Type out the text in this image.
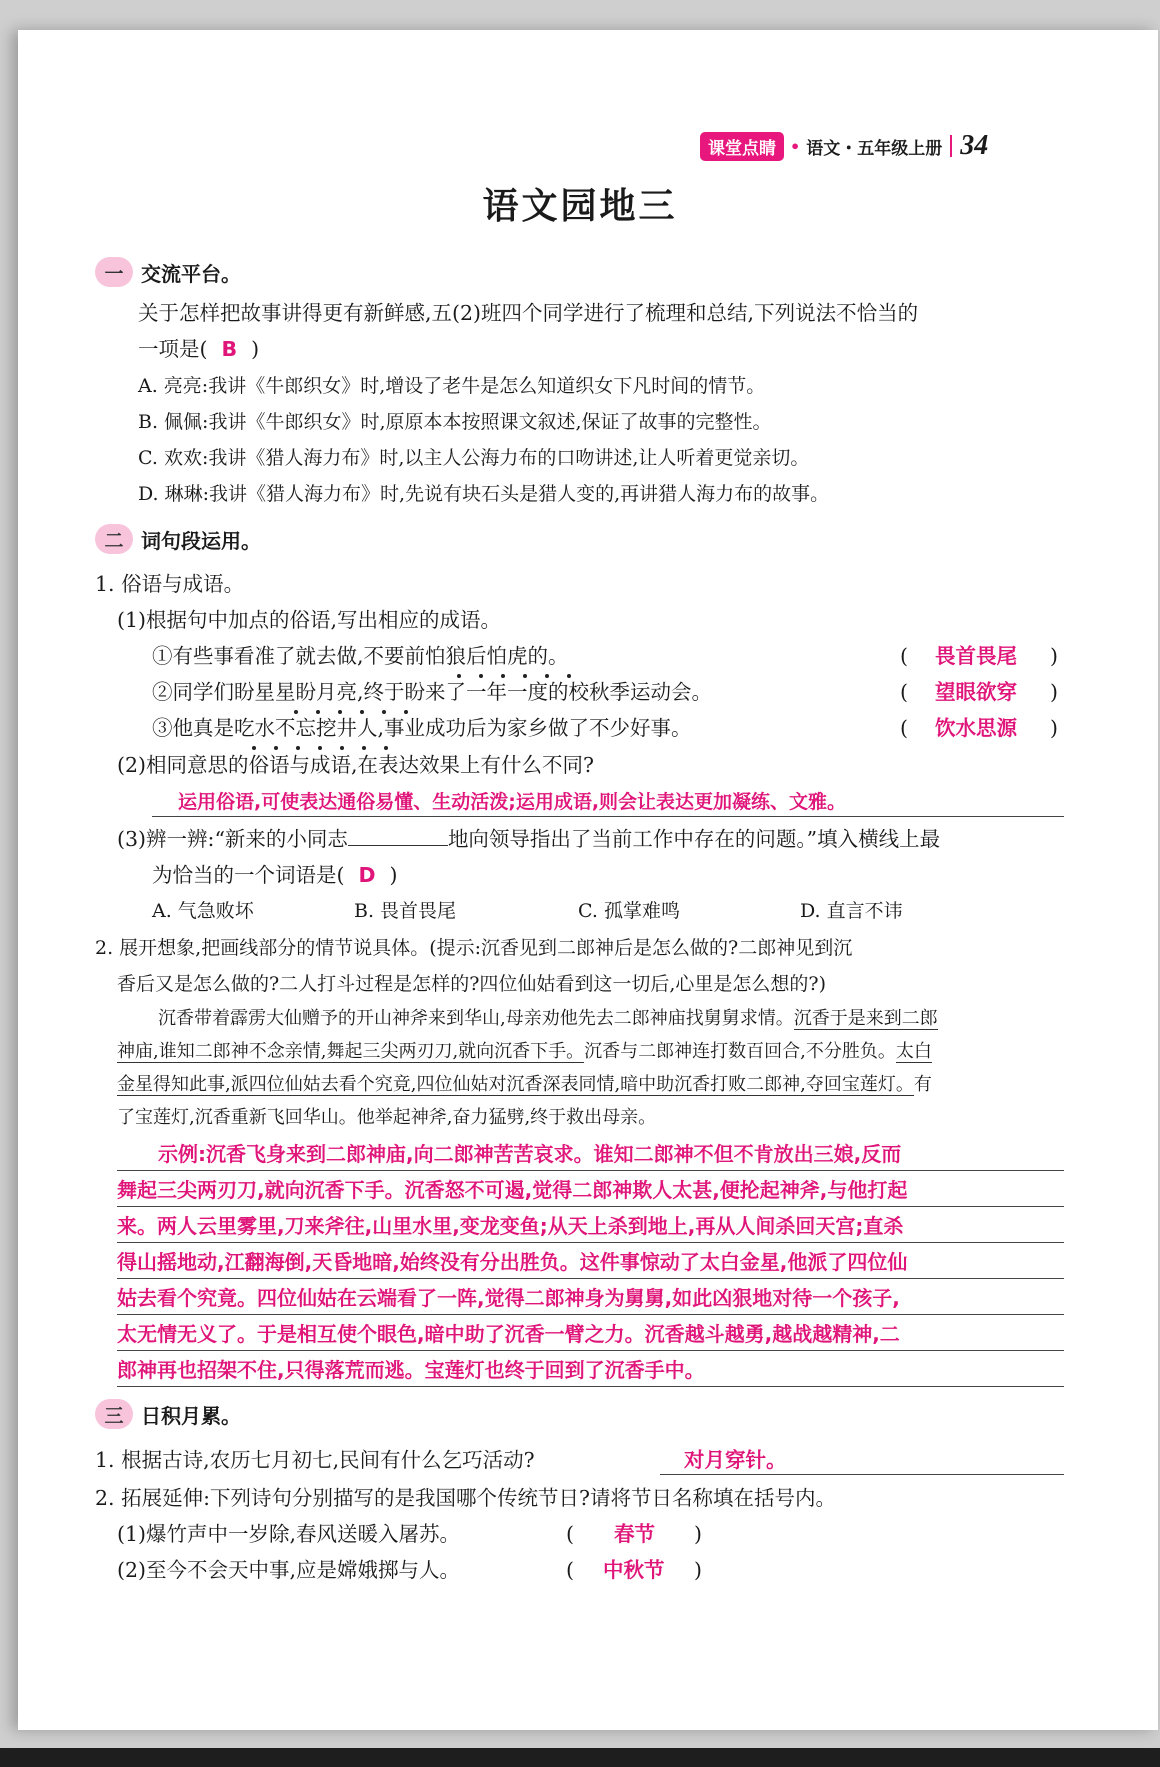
课堂点睛 • 语文・五年级上册 34
语文园地三
一 交流平台。
关于怎样把故事讲得更有新鲜感,五(2)班四个同学进行了梳理和总结,下列说法不恰当的
一项是( B )
A. 亮亮:我讲《牛郎织女》时,增设了老牛是怎么知道织女下凡时间的情节。
B. 佩佩:我讲《牛郎织女》时,原原本本按照课文叙述,保证了故事的完整性。
C. 欢欢:我讲《猎人海力布》时,以主人公海力布的口吻讲述,让人听着更觉亲切。
D. 琳琳:我讲《猎人海力布》时,先说有块石头是猎人变的,再讲猎人海力布的故事。
二 词句段运用。
1. 俗语与成语。
(1)根据句中加点的俗语,写出相应的成语。
①有些事看准了就去做,不要前怕狼后怕虎的。	( 畏首畏尾 )
②同学们盼星星盼月亮,终于盼来了一年一度的校秋季运动会。	( 望眼欲穿 )
③他真是吃水不忘挖井人,事业成功后为家乡做了不少好事。	( 饮水思源 )
(2)相同意思的俗语与成语,在表达效果上有什么不同?
运用俗语,可使表达通俗易懂、生动活泼;运用成语,则会让表达更加凝练、文雅。
(3)辨一辨:“新来的小同志	地向领导指出了当前工作中存在的问题。”填入横线上最
为恰当的一个词语是( D )
A. 气急败坏	B. 畏首畏尾	C. 孤掌难鸣	D. 直言不讳
2. 展开想象,把画线部分的情节说具体。(提示:沉香见到二郎神后是怎么做的?二郎神见到沉
香后又是怎么做的?二人打斗过程是怎样的?四位仙姑看到这一切后,心里是怎么想的?)
沉香带着霹雳大仙赠予的开山神斧来到华山,母亲劝他先去二郎神庙找舅舅求情。沉香于是来到二郎
神庙,谁知二郎神不念亲情,舞起三尖两刃刀,就向沉香下手。沉香与二郎神连打数百回合,不分胜负。太白
金星得知此事,派四位仙姑去看个究竟,四位仙姑对沉香深表同情,暗中助沉香打败二郎神,夺回宝莲灯。有
了宝莲灯,沉香重新飞回华山。他举起神斧,奋力猛劈,终于救出母亲。
示例:沉香飞身来到二郎神庙,向二郎神苦苦哀求。谁知二郎神不但不肯放出三娘,反而
舞起三尖两刃刀,就向沉香下手。沉香怒不可遏,觉得二郎神欺人太甚,便抡起神斧,与他打起
来。两人云里雾里,刀来斧往,山里水里,变龙变鱼;从天上杀到地上,再从人间杀回天宫;直杀
得山摇地动,江翻海倒,天昏地暗,始终没有分出胜负。这件事惊动了太白金星,他派了四位仙
姑去看个究竟。四位仙姑在云端看了一阵,觉得二郎神身为舅舅,如此凶狠地对待一个孩子,
太无情无义了。于是相互使个眼色,暗中助了沉香一臂之力。沉香越斗越勇,越战越精神,二
郎神再也招架不住,只得落荒而逃。宝莲灯也终于回到了沉香手中。
三 日积月累。
1. 根据古诗,农历七月初七,民间有什么乞巧活动?	对月穿针。
2. 拓展延伸:下列诗句分别描写的是我国哪个传统节日?请将节日名称填在括号内。
(1)爆竹声中一岁除,春风送暖入屠苏。	( 春节 )
(2)至今不会天中事,应是嫦娥掷与人。	( 中秋节 )
